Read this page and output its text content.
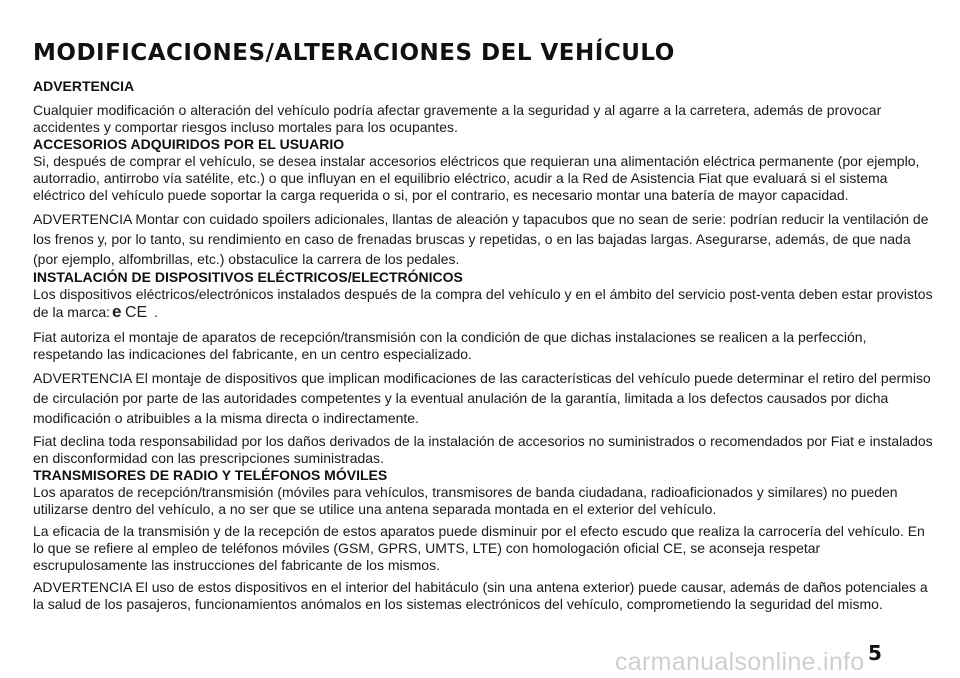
MODIFICACIONES/ALTERACIONES DEL VEHÍCULO
ADVERTENCIA

Cualquier modificación o alteración del vehículo podría afectar gravemente a la seguridad y al agarre a la carretera, además de provocar accidentes y comportar riesgos incluso mortales para los ocupantes.

ACCESORIOS ADQUIRIDOS POR EL USUARIO

Si, después de comprar el vehículo, se desea instalar accesorios eléctricos que requieran una alimentación eléctrica permanente (por ejemplo, autorradio, antirrobo vía satélite, etc.) o que influyan en el equilibrio eléctrico, acudir a la Red de Asistencia Fiat que evaluará si el sistema eléctrico del vehículo puede soportar la carga requerida o si, por el contrario, es necesario montar una batería de mayor capacidad.

ADVERTENCIA Montar con cuidado spoilers adicionales, llantas de aleación y tapacubos que no sean de serie: podrían reducir la ventilación de los frenos y, por lo tanto, su rendimiento en caso de frenadas bruscas y repetidas, o en las bajadas largas. Asegurarse, además, de que nada (por ejemplo, alfombrillas, etc.) obstaculice la carrera de los pedales.

INSTALACIÓN DE DISPOSITIVOS ELÉCTRICOS/ELECTRÓNICOS

Los dispositivos eléctricos/electrónicos instalados después de la compra del vehículo y en el ámbito del servicio post-venta deben estar provistos de la marca: e CE .

Fiat autoriza el montaje de aparatos de recepción/transmisión con la condición de que dichas instalaciones se realicen a la perfección, respetando las indicaciones del fabricante, en un centro especializado.

ADVERTENCIA El montaje de dispositivos que implican modificaciones de las características del vehículo puede determinar el retiro del permiso de circulación por parte de las autoridades competentes y la eventual anulación de la garantía, limitada a los defectos causados por dicha modificación o atribuibles a la misma directa o indirectamente.

Fiat declina toda responsabilidad por los daños derivados de la instalación de accesorios no suministrados o recomendados por Fiat e instalados en disconformidad con las prescripciones suministradas.

TRANSMISORES DE RADIO Y TELÉFONOS MÓVILES

Los aparatos de recepción/transmisión (móviles para vehículos, transmisores de banda ciudadana, radioaficionados y similares) no pueden utilizarse dentro del vehículo, a no ser que se utilice una antena separada montada en el exterior del vehículo.

La eficacia de la transmisión y de la recepción de estos aparatos puede disminuir por el efecto escudo que realiza la carrocería del vehículo. En lo que se refiere al empleo de teléfonos móviles (GSM, GPRS, UMTS, LTE) con homologación oficial CE, se aconseja respetar escrupulosamente las instrucciones del fabricante de los mismos.

ADVERTENCIA El uso de estos dispositivos en el interior del habitáculo (sin una antena exterior) puede causar, además de daños potenciales a la salud de los pasajeros, funcionamientos anómalos en los sistemas electrónicos del vehículo, comprometiendo la seguridad del mismo.

5
carmanualsonline.info
